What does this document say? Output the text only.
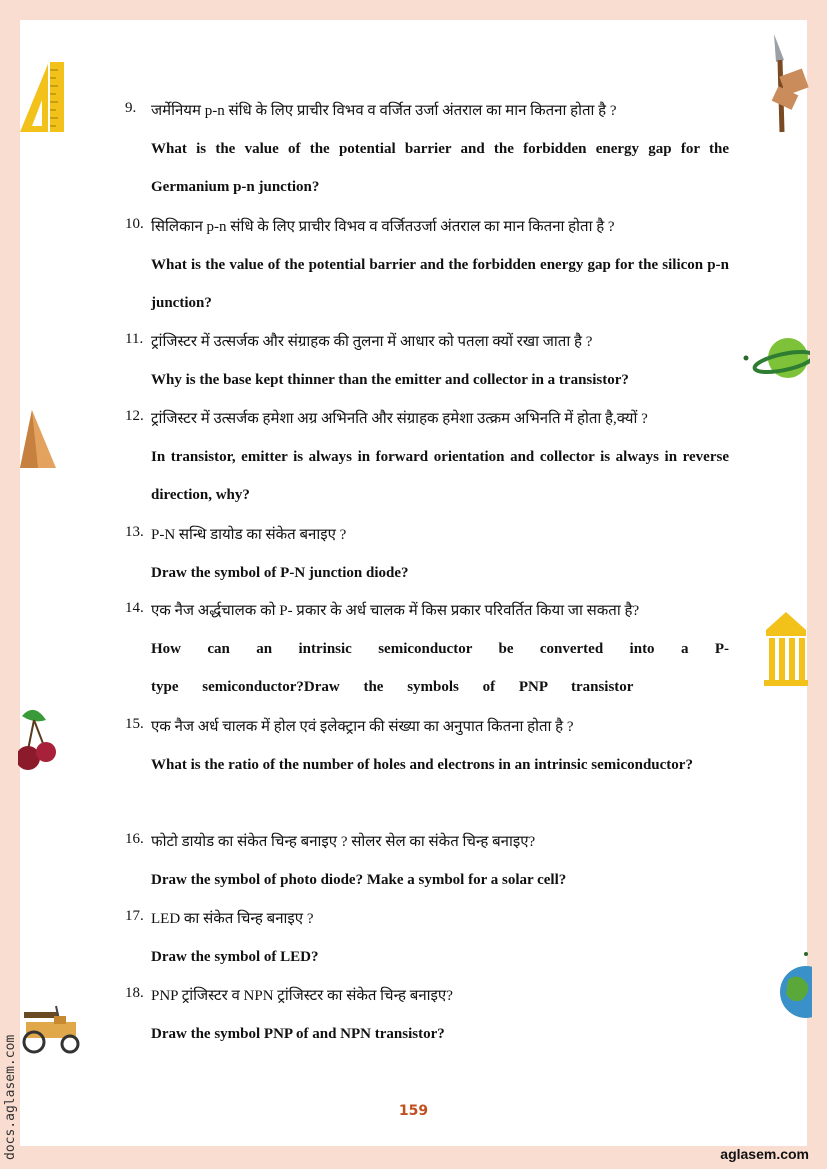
9. जर्मेनियम p-n संधि के लिए प्राचीर विभव व वर्जित उर्जा अंतराल का मान कितना होता है ?
What is the value of the potential barrier and the forbidden energy gap for the Germanium p-n junction?
10. सिलिकान p-n संधि के लिए प्राचीर विभव व वर्जितउर्जा अंतराल का मान कितना होता है ?
What is the value of the potential barrier and the forbidden energy gap for the silicon p-n junction?
11. ट्रांजिस्टर में उत्सर्जक और संग्राहक की तुलना में आधार को पतला क्यों रखा जाता है ?
Why is the base kept thinner than the emitter and collector in a transistor?
12. ट्रांजिस्टर में उत्सर्जक हमेशा अग्र अभिनति और संग्राहक हमेशा उत्क्रम अभिनति में होता है,क्यों ?
In transistor, emitter is always in forward orientation and collector is always in reverse direction, why?
13. P-N सन्धि डायोड का संकेत बनाइए ?
Draw the symbol of P-N junction diode?
14. एक नैज अर्द्धचालक को P- प्रकार के अर्ध चालक में किस प्रकार परिवर्तित किया जा सकता है?
How can an intrinsic semiconductor be converted into a P-type semiconductor?Draw the symbols of PNP transistor
15. एक नैज अर्ध चालक में होल एवं इलेक्ट्रान की संख्या का अनुपात कितना होता है ?
What is the ratio of the number of holes and electrons in an intrinsic semiconductor?
16. फोटो डायोड का संकेत चिन्ह बनाइए ? सोलर सेल का संकेत चिन्ह बनाइए?
Draw the symbol of photo diode? Make a symbol for a solar cell?
17. LED का संकेत चिन्ह बनाइए ?
Draw the symbol of LED?
18. PNP ट्रांजिस्टर व NPN ट्रांजिस्टर का संकेत चिन्ह बनाइए?
Draw the symbol PNP of and NPN transistor?
159
aglasem.com
docs.aglasem.com
